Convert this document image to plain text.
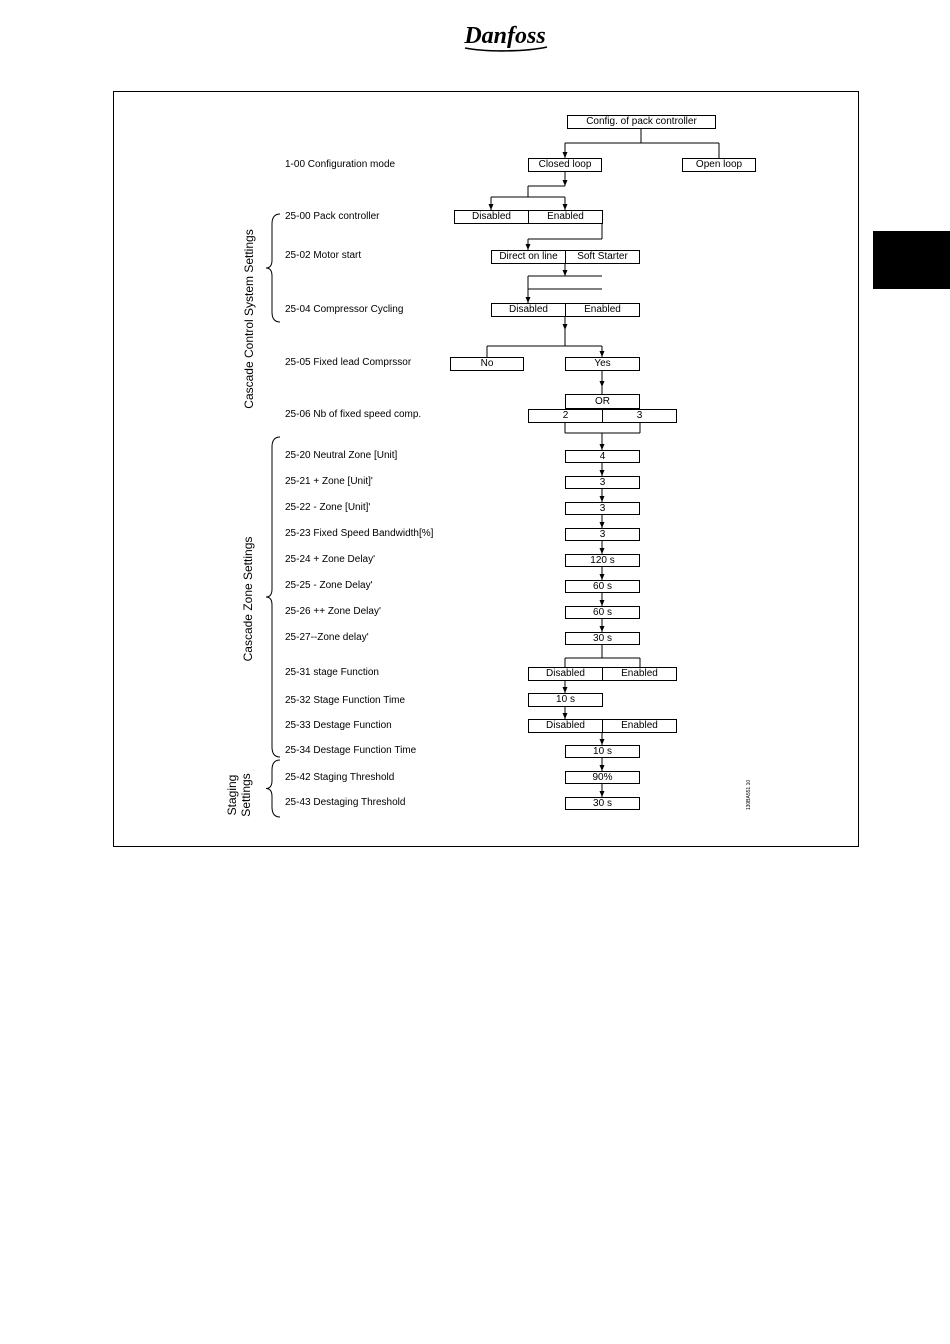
Danfoss
Config. of pack controller
1-00 Configuration mode
25-00 Pack controller
25-02 Motor start
25-04 Compressor Cycling
25-05 Fixed lead Comprssor
25-06 Nb of fixed speed comp.
25-20 Neutral Zone [Unit]
25-21 + Zone [Unit]'
25-22 - Zone [Unit]'
25-23 Fixed Speed Bandwidth[%]
25-24 + Zone Delay'
25-25 - Zone Delay'
25-26 ++ Zone Delay'
25-27--Zone delay'
25-31 stage Function
25-32 Stage Function Time
25-33 Destage Function
25-34 Destage Function Time
25-42 Staging Threshold
25-43 Destaging Threshold
Closed loop	Open loop
Disabled	Enabled
Direct on line	Soft Starter
Disabled	Enabled
No	Yes
OR
2	3
4
3
3
3
120 s
60 s
60 s
30 s
Disabled	Enabled
10 s
Disabled	Enabled
10 s
90%
30 s
Cascade Control System Settings
Cascade Zone Settings
Staging Settings	130BA551.10
